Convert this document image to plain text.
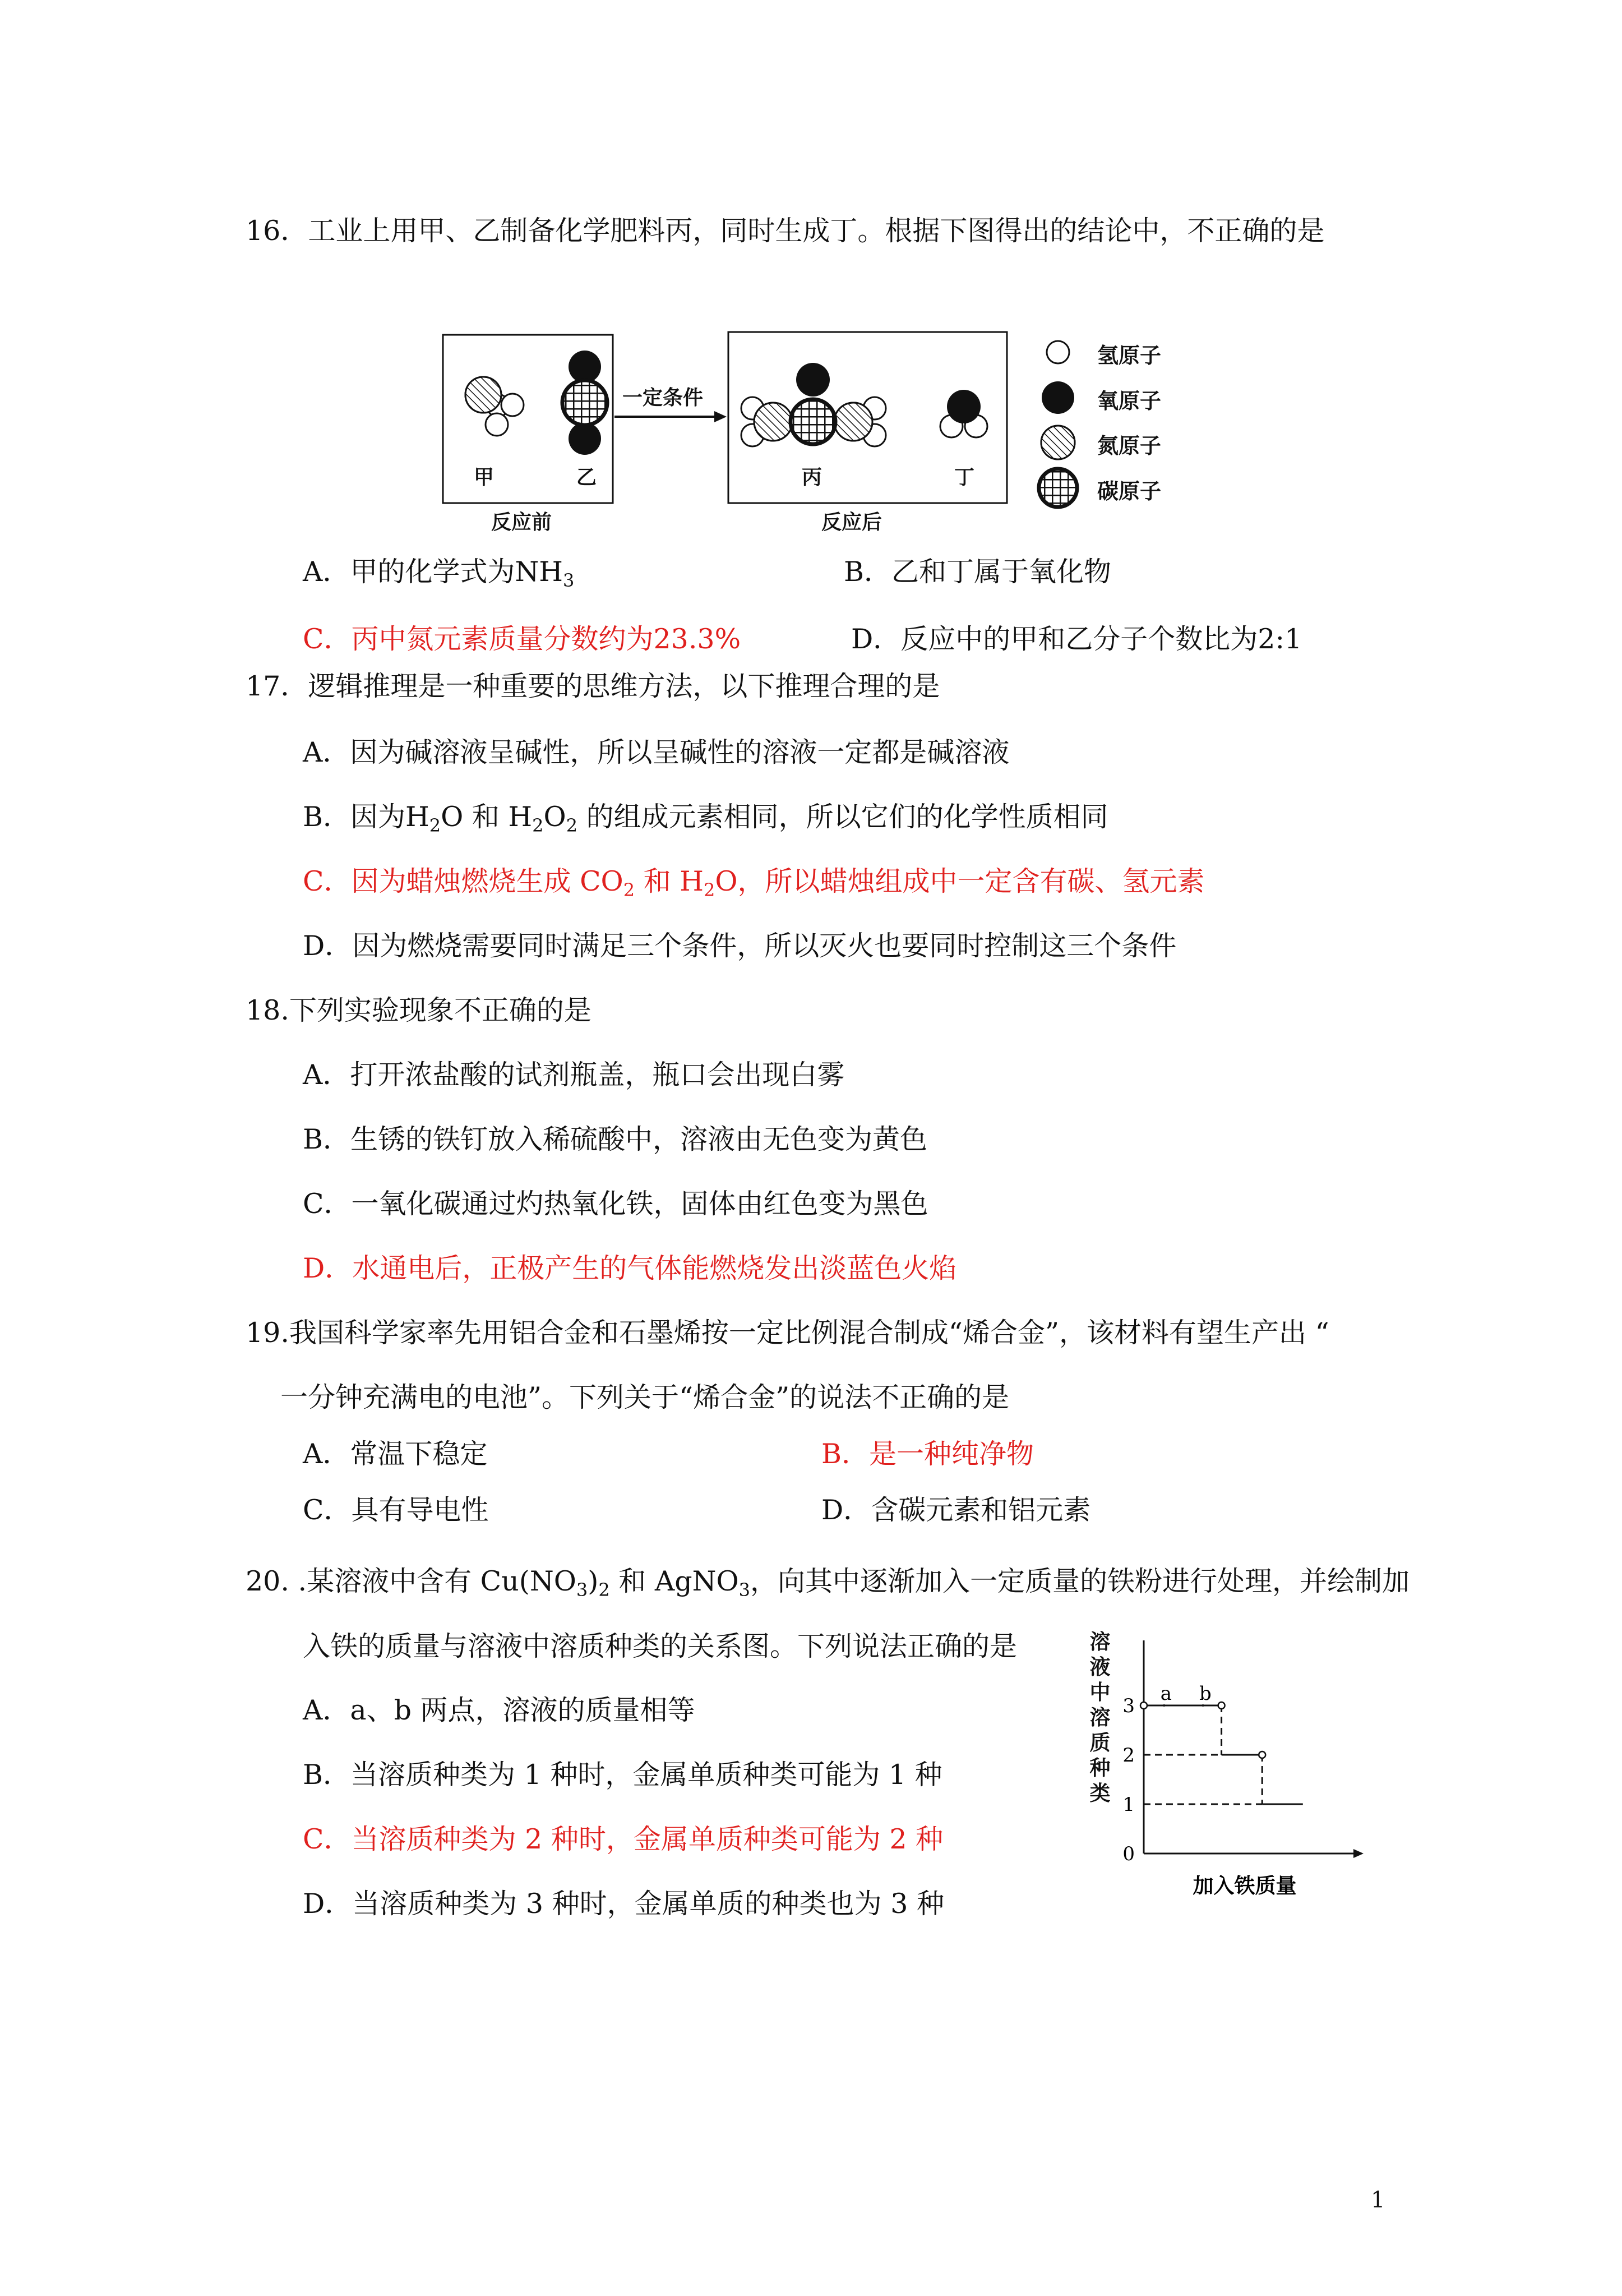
16．工业上用甲、乙制备化学肥料丙，同时生成丁。根据下图得出的结论中，不正确的是
一定条件
甲	乙	丙	丁
反应前	反应后
氢原子
氧原子
氮原子
碳原子
A．甲的化学式为$NH_3$	B．乙和丁属于氧化物
C．丙中氮元素质量分数约为23.3%	D．反应中的甲和乙分子个数比为2:1
17．逻辑推理是一种重要的思维方法，以下推理合理的是
A．因为碱溶液呈碱性，所以呈碱性的溶液一定都是碱溶液
B．因为$H_2O$ 和 $H_2O_2$ 的组成元素相同，所以它们的化学性质相同
C．因为蜡烛燃烧生成 $CO_2$ 和 $H_2O$，所以蜡烛组成中一定含有碳、氢元素
D．因为燃烧需要同时满足三个条件，所以灭火也要同时控制这三个条件
18.下列实验现象不正确的是
A．打开浓盐酸的试剂瓶盖，瓶口会出现白雾
B．生锈的铁钉放入稀硫酸中，溶液由无色变为黄色
C．一氧化碳通过灼热氧化铁，固体由红色变为黑色
D．水通电后，正极产生的气体能燃烧发出淡蓝色火焰
19.我国科学家率先用铝合金和石墨烯按一定比例混合制成“烯合金”，该材料有望生产出 “
一分钟充满电的电池”。下列关于“烯合金”的说法不正确的是
A．常温下稳定	B．是一种纯净物
C．具有导电性	D．含碳元素和铝元素
20. .某溶液中含有 $Cu(NO_3)_2$ 和 AgNO$_3$，向其中逐渐加入一定质量的铁粉进行处理，并绘制加
入铁的质量与溶液中溶质种类的关系图。下列说法正确的是
A．a、b 两点，溶液的质量相等
B．当溶质种类为 1 种时，金属单质种类可能为 1 种
C．当溶质种类为 2 种时，金属单质种类可能为 2 种
D．当溶质种类为 3 种时，金属单质的种类也为 3 种
0
1
2
3
a b
加入铁质量
溶液中溶质种类
1
